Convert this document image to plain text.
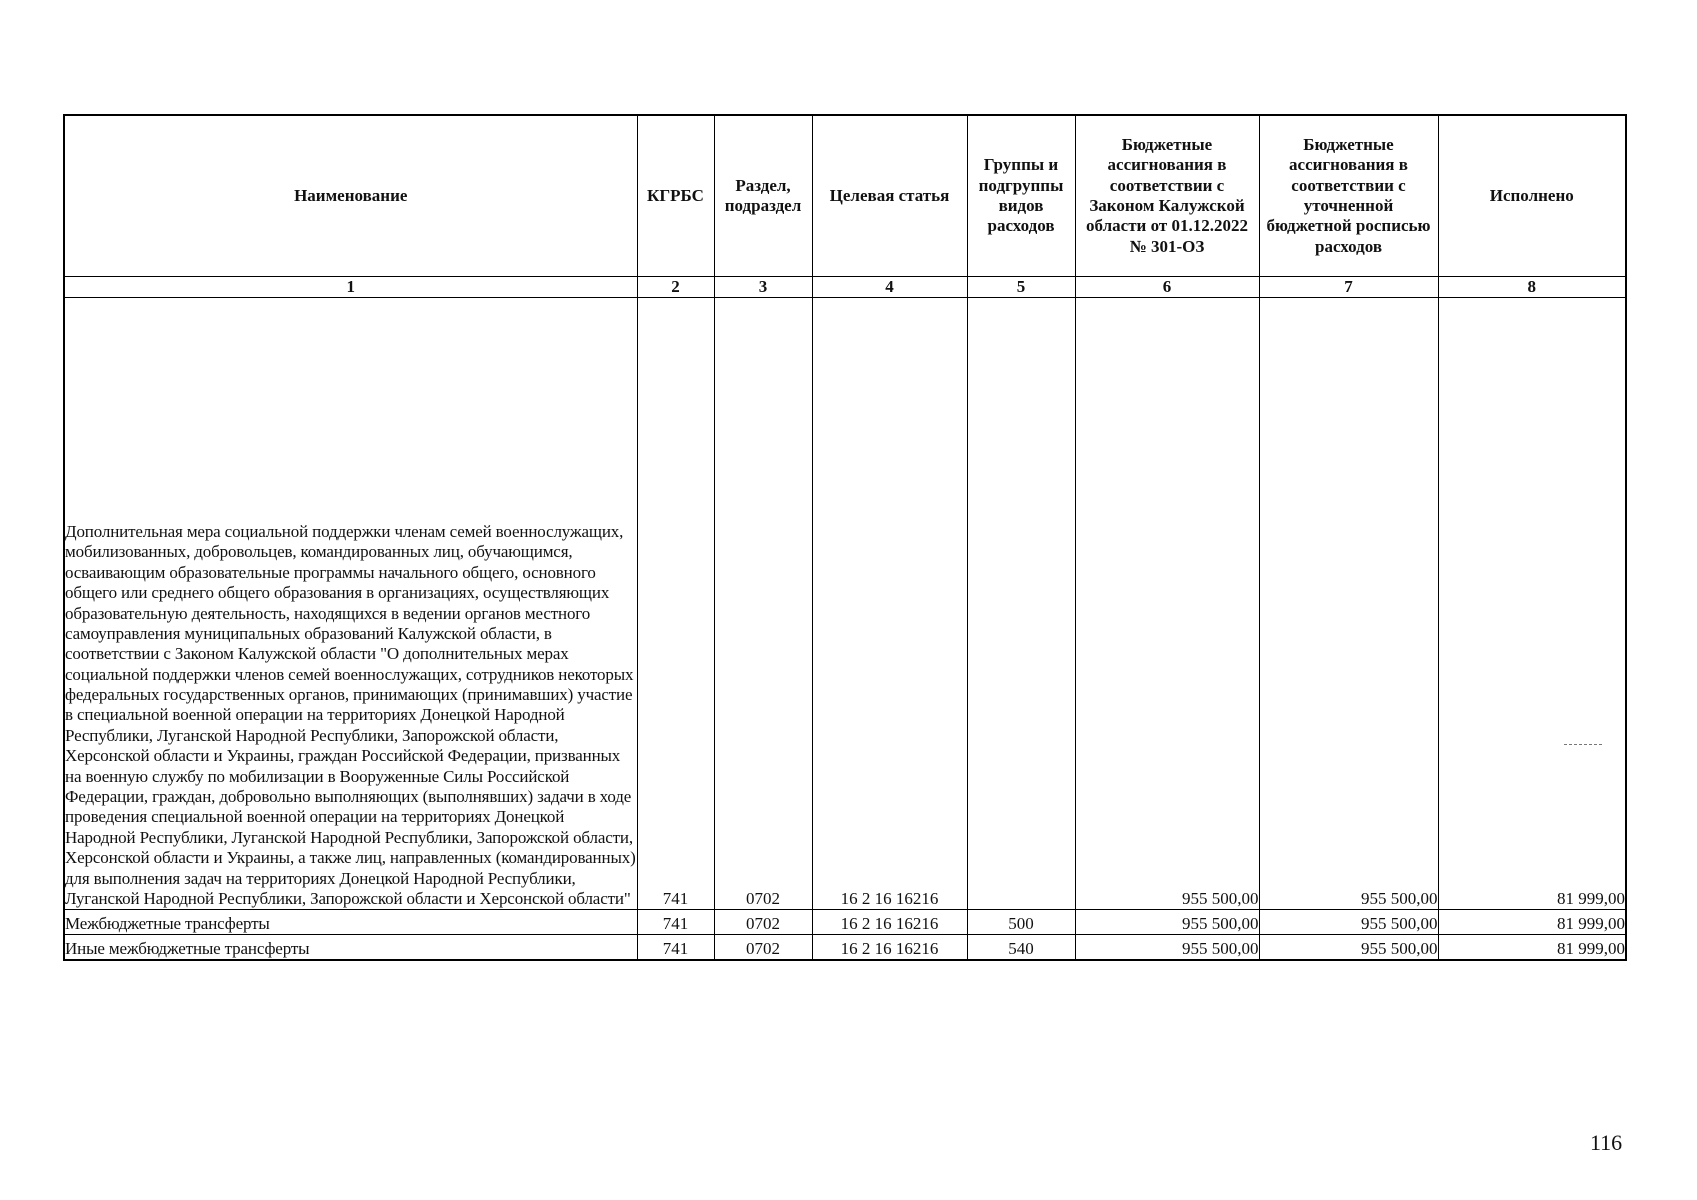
Наименование	КГРБС	Раздел, подраздел	Целевая статья	Группы и подгруппы видов расходов	Бюджетные ассигнования в соответствии с Законом Калужской области от 01.12.2022 № 301-ОЗ	Бюджетные ассигнования в соответствии с уточненной бюджетной росписью расходов	Исполнено
1	2	3	4	5	6	7	8
Дополнительная мера социальной поддержки членам семей военнослужащих, мобилизованных, добровольцев, командированных лиц, обучающимся, осваивающим образовательные программы начального общего, основного общего или среднего общего образования в организациях, осуществляющих образовательную деятельность, находящихся в ведении органов местного самоуправления муниципальных образований Калужской области, в соответствии с Законом Калужской области "О дополнительных мерах социальной поддержки членов семей военнослужащих, сотрудников некоторых федеральных государственных органов, принимающих (принимавших) участие в специальной военной операции на территориях Донецкой Народной Республики, Луганской Народной Республики, Запорожской области, Херсонской области и Украины, граждан Российской Федерации, призванных на военную службу по мобилизации в Вооруженные Силы Российской Федерации, граждан, добровольно выполняющих (выполнявших) задачи в ходе проведения специальной военной операции на территориях Донецкой Народной Республики, Луганской Народной Республики, Запорожской области, Херсонской области и Украины, а также лиц, направленных (командированных) для выполнения задач на территориях Донецкой Народной Республики, Луганской Народной Республики, Запорожской области и Херсонской области"	741	0702	16 2 16 16216		955 500,00	955 500,00	81 999,00
Межбюджетные трансферты	741	0702	16 2 16 16216	500	955 500,00	955 500,00	81 999,00
Иные межбюджетные трансферты	741	0702	16 2 16 16216	540	955 500,00	955 500,00	81 999,00
116
